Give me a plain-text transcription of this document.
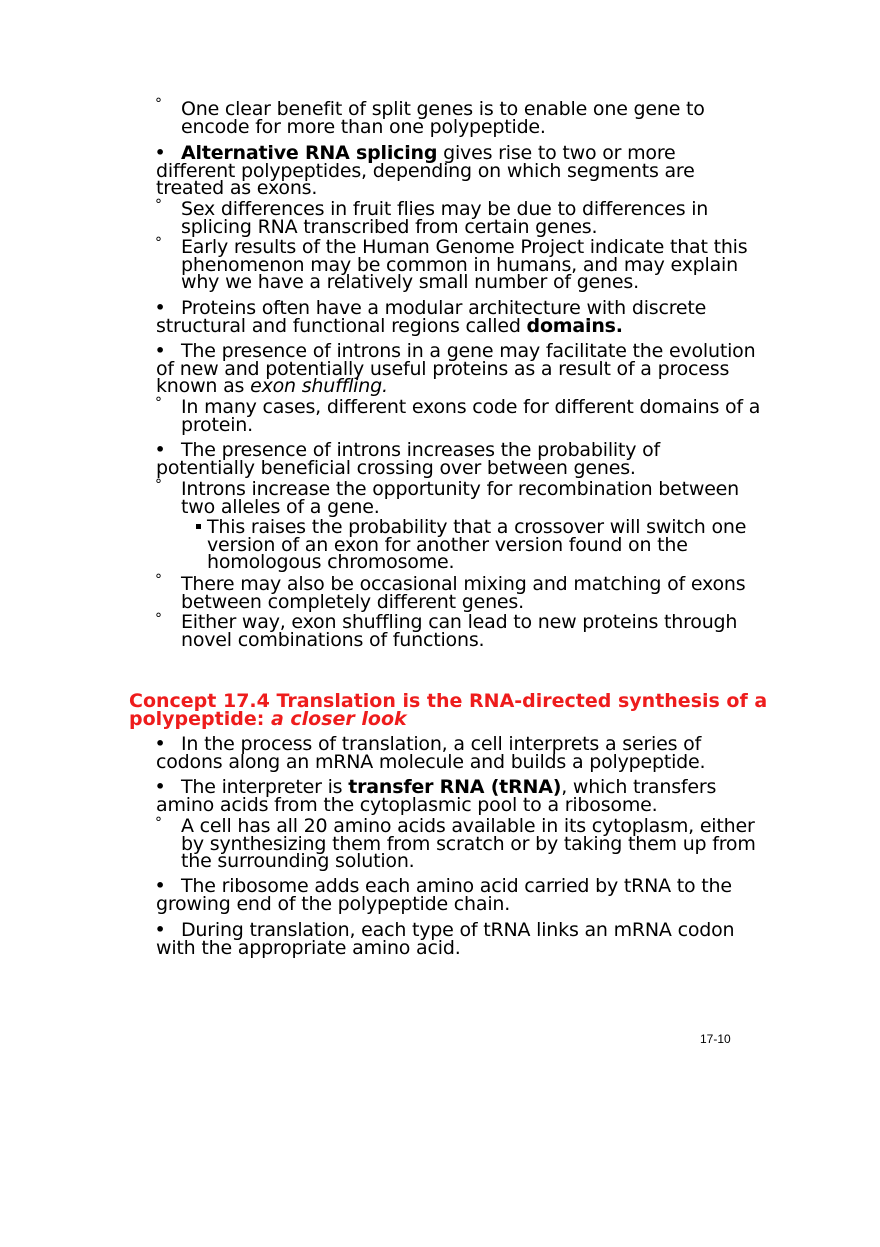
° One clear benefit of split genes is to enable one gene to encode for more than one polypeptide.
• Alternative RNA splicing gives rise to two or more different polypeptides, depending on which segments are treated as exons.
° Sex differences in fruit flies may be due to differences in splicing RNA transcribed from certain genes.
° Early results of the Human Genome Project indicate that this phenomenon may be common in humans, and may explain why we have a relatively small number of genes.
• Proteins often have a modular architecture with discrete structural and functional regions called domains.
• The presence of introns in a gene may facilitate the evolution of new and potentially useful proteins as a result of a process known as exon shuffling.
° In many cases, different exons code for different domains of a protein.
• The presence of introns increases the probability of potentially beneficial crossing over between genes.
° Introns increase the opportunity for recombination between two alleles of a gene.
This raises the probability that a crossover will switch one version of an exon for another version found on the homologous chromosome.
° There may also be occasional mixing and matching of exons between completely different genes.
° Either way, exon shuffling can lead to new proteins through novel combinations of functions.
Concept 17.4 Translation is the RNA-directed synthesis of a polypeptide: a closer look
• In the process of translation, a cell interprets a series of codons along an mRNA molecule and builds a polypeptide.
• The interpreter is transfer RNA (tRNA), which transfers amino acids from the cytoplasmic pool to a ribosome.
° A cell has all 20 amino acids available in its cytoplasm, either by synthesizing them from scratch or by taking them up from the surrounding solution.
• The ribosome adds each amino acid carried by tRNA to the growing end of the polypeptide chain.
• During translation, each type of tRNA links an mRNA codon with the appropriate amino acid.
17-10
